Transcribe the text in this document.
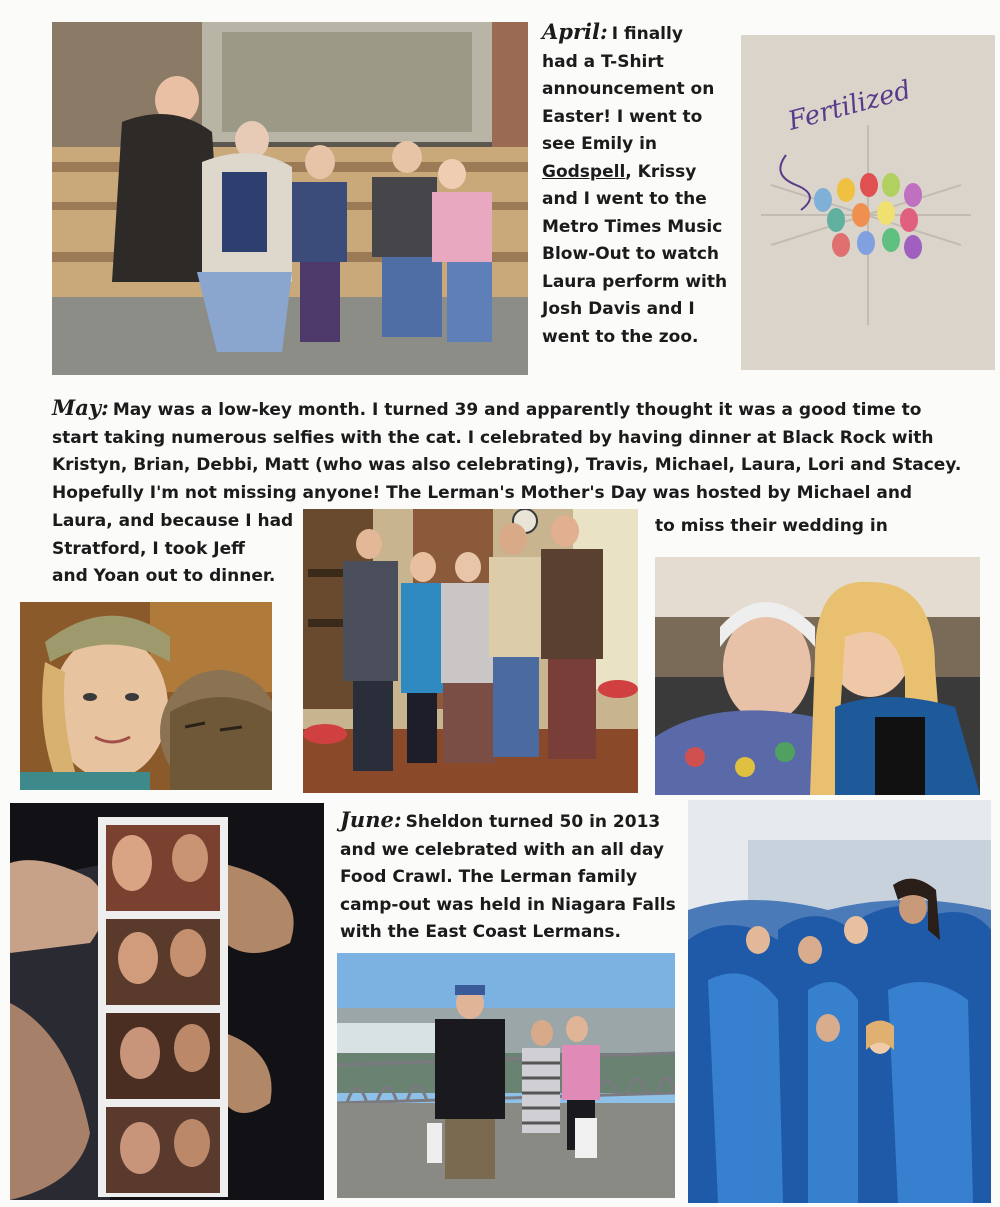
April: I finally
had a T-Shirt
announcement on
Easter! I went to
see Emily in
Godspell, Krissy
and I went to the
Metro Times Music
Blow-Out to watch
Laura perform with
Josh Davis and I
went to the zoo.
Fertilized
May: May was a low-key month. I turned 39 and apparently thought it was a good time to
start taking numerous selfies with the cat. I celebrated by having dinner at Black Rock with
Kristyn, Brian, Debbi, Matt (who was also celebrating), Travis, Michael, Laura, Lori and Stacey.
Hopefully I'm not missing anyone! The Lerman's Mother's Day was hosted by Michael and
Laura, and because I had
Stratford, I took Jeff
and Yoan out to dinner.
to miss their wedding in
June: Sheldon turned 50 in 2013
and we celebrated with an all day
Food Crawl. The Lerman family
camp-out was held in Niagara Falls
with the East Coast Lermans.
